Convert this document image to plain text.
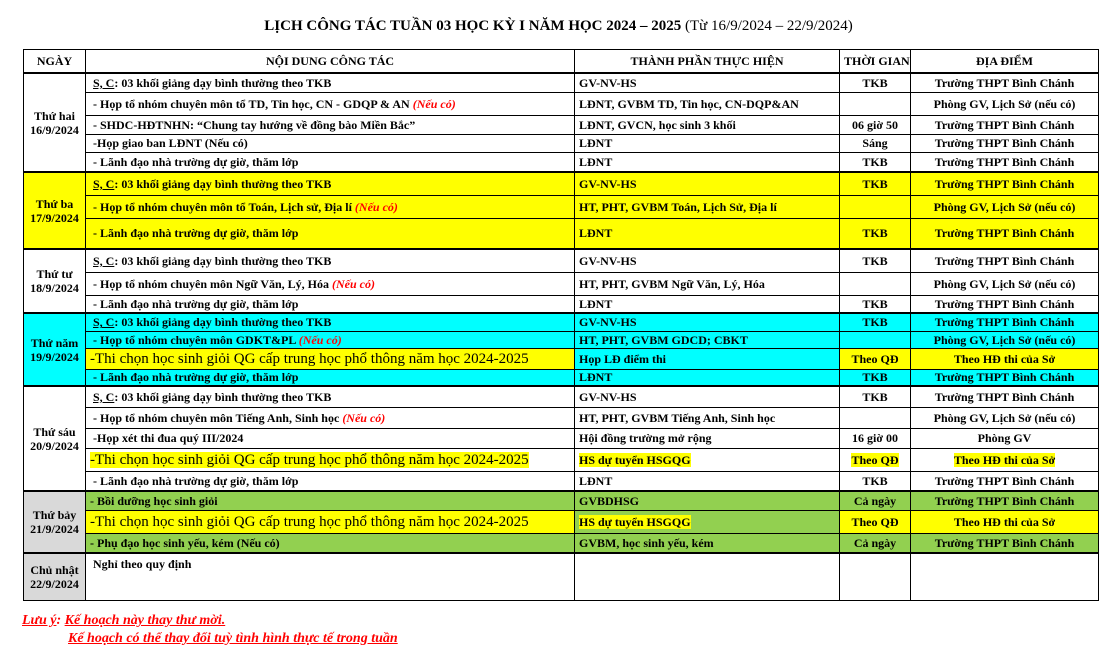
LỊCH CÔNG TÁC TUẦN 03 HỌC KỲ I NĂM HỌC 2024 – 2025 (Từ 16/9/2024 – 22/9/2024)
NGÀY	NỘI DUNG CÔNG TÁC	THÀNH PHẦN THỰC HIỆN	THỜI GIAN	ĐỊA ĐIỂM
Thứ hai
16/9/2024	S, C: 03 khối giảng dạy bình thường theo TKB	GV-NV-HS	TKB	Trường THPT Bình Chánh
	- Họp tổ nhóm chuyên môn tổ TD, Tin học, CN - GDQP & AN (Nếu có)	LĐNT, GVBM TD, Tin học, CN-DQP&AN		Phòng GV, Lịch Sở (nếu có)
	- SHDC-HĐTNHN: “Chung tay hướng về đồng bào Miền Bắc”	LĐNT, GVCN, học sinh 3 khối	06 giờ 50	Trường THPT Bình Chánh
	-Họp giao ban LĐNT (Nếu có)	LĐNT	Sáng	Trường THPT Bình Chánh
	- Lãnh đạo nhà trường dự giờ, thăm lớp	LĐNT	TKB	Trường THPT Bình Chánh
Thứ ba
17/9/2024	S, C: 03 khối giảng dạy bình thường theo TKB	GV-NV-HS	TKB	Trường THPT Bình Chánh
	- Họp tổ nhóm chuyên môn tổ Toán, Lịch sử, Địa lí (Nếu có)	HT, PHT, GVBM Toán, Lịch Sử, Địa lí		Phòng GV, Lịch Sở (nếu có)
	- Lãnh đạo nhà trường dự giờ, thăm lớp	LĐNT	TKB	Trường THPT Bình Chánh
Thứ tư
18/9/2024	S, C: 03 khối giảng dạy bình thường theo TKB	GV-NV-HS	TKB	Trường THPT Bình Chánh
	- Họp tổ nhóm chuyên môn Ngữ Văn, Lý, Hóa (Nếu có)	HT, PHT, GVBM Ngữ Văn, Lý, Hóa		Phòng GV, Lịch Sở (nếu có)
	- Lãnh đạo nhà trường dự giờ, thăm lớp	LĐNT	TKB	Trường THPT Bình Chánh
Thứ năm
19/9/2024	S, C: 03 khối giảng dạy bình thường theo TKB	GV-NV-HS	TKB	Trường THPT Bình Chánh
	- Họp tổ nhóm chuyên môn GDKT&PL (Nếu có)	HT, PHT, GVBM GDCD; CBKT		Phòng GV, Lịch Sở (nếu có)
	-Thi chọn học sinh giỏi QG cấp trung học phổ thông năm học 2024-2025	Họp LĐ điểm thi	Theo QĐ	Theo HĐ thi của Sở
	- Lãnh đạo nhà trường dự giờ, thăm lớp	LĐNT	TKB	Trường THPT Bình Chánh
Thứ sáu
20/9/2024	S, C: 03 khối giảng dạy bình thường theo TKB	GV-NV-HS	TKB	Trường THPT Bình Chánh
	- Họp tổ nhóm chuyên môn Tiếng Anh, Sinh học (Nếu có)	HT, PHT, GVBM Tiếng Anh, Sinh học		Phòng GV, Lịch Sở (nếu có)
	-Họp xét thi đua quý III/2024	Hội đồng trường mở rộng	16 giờ 00	Phòng GV
	-Thi chọn học sinh giỏi QG cấp trung học phổ thông năm học 2024-2025	HS dự tuyển HSGQG	Theo QĐ	Theo HĐ thi của Sở
	- Lãnh đạo nhà trường dự giờ, thăm lớp	LĐNT	TKB	Trường THPT Bình Chánh
Thứ bảy
21/9/2024	- Bồi dưỡng học sinh giỏi	GVBDHSG	Cả ngày	Trường THPT Bình Chánh
	-Thi chọn học sinh giỏi QG cấp trung học phổ thông năm học 2024-2025	HS dự tuyển HSGQG	Theo QĐ	Theo HĐ thi của Sở
	- Phụ đạo học sinh yếu, kém (Nếu có)	GVBM, học sinh yếu, kém	Cả ngày	Trường THPT Bình Chánh
Chủ nhật
22/9/2024	Nghỉ theo quy định			
Lưu ý: Kế hoạch này thay thư mời.
Kế hoạch có thể thay đổi tuỳ tình hình thực tế trong tuần
